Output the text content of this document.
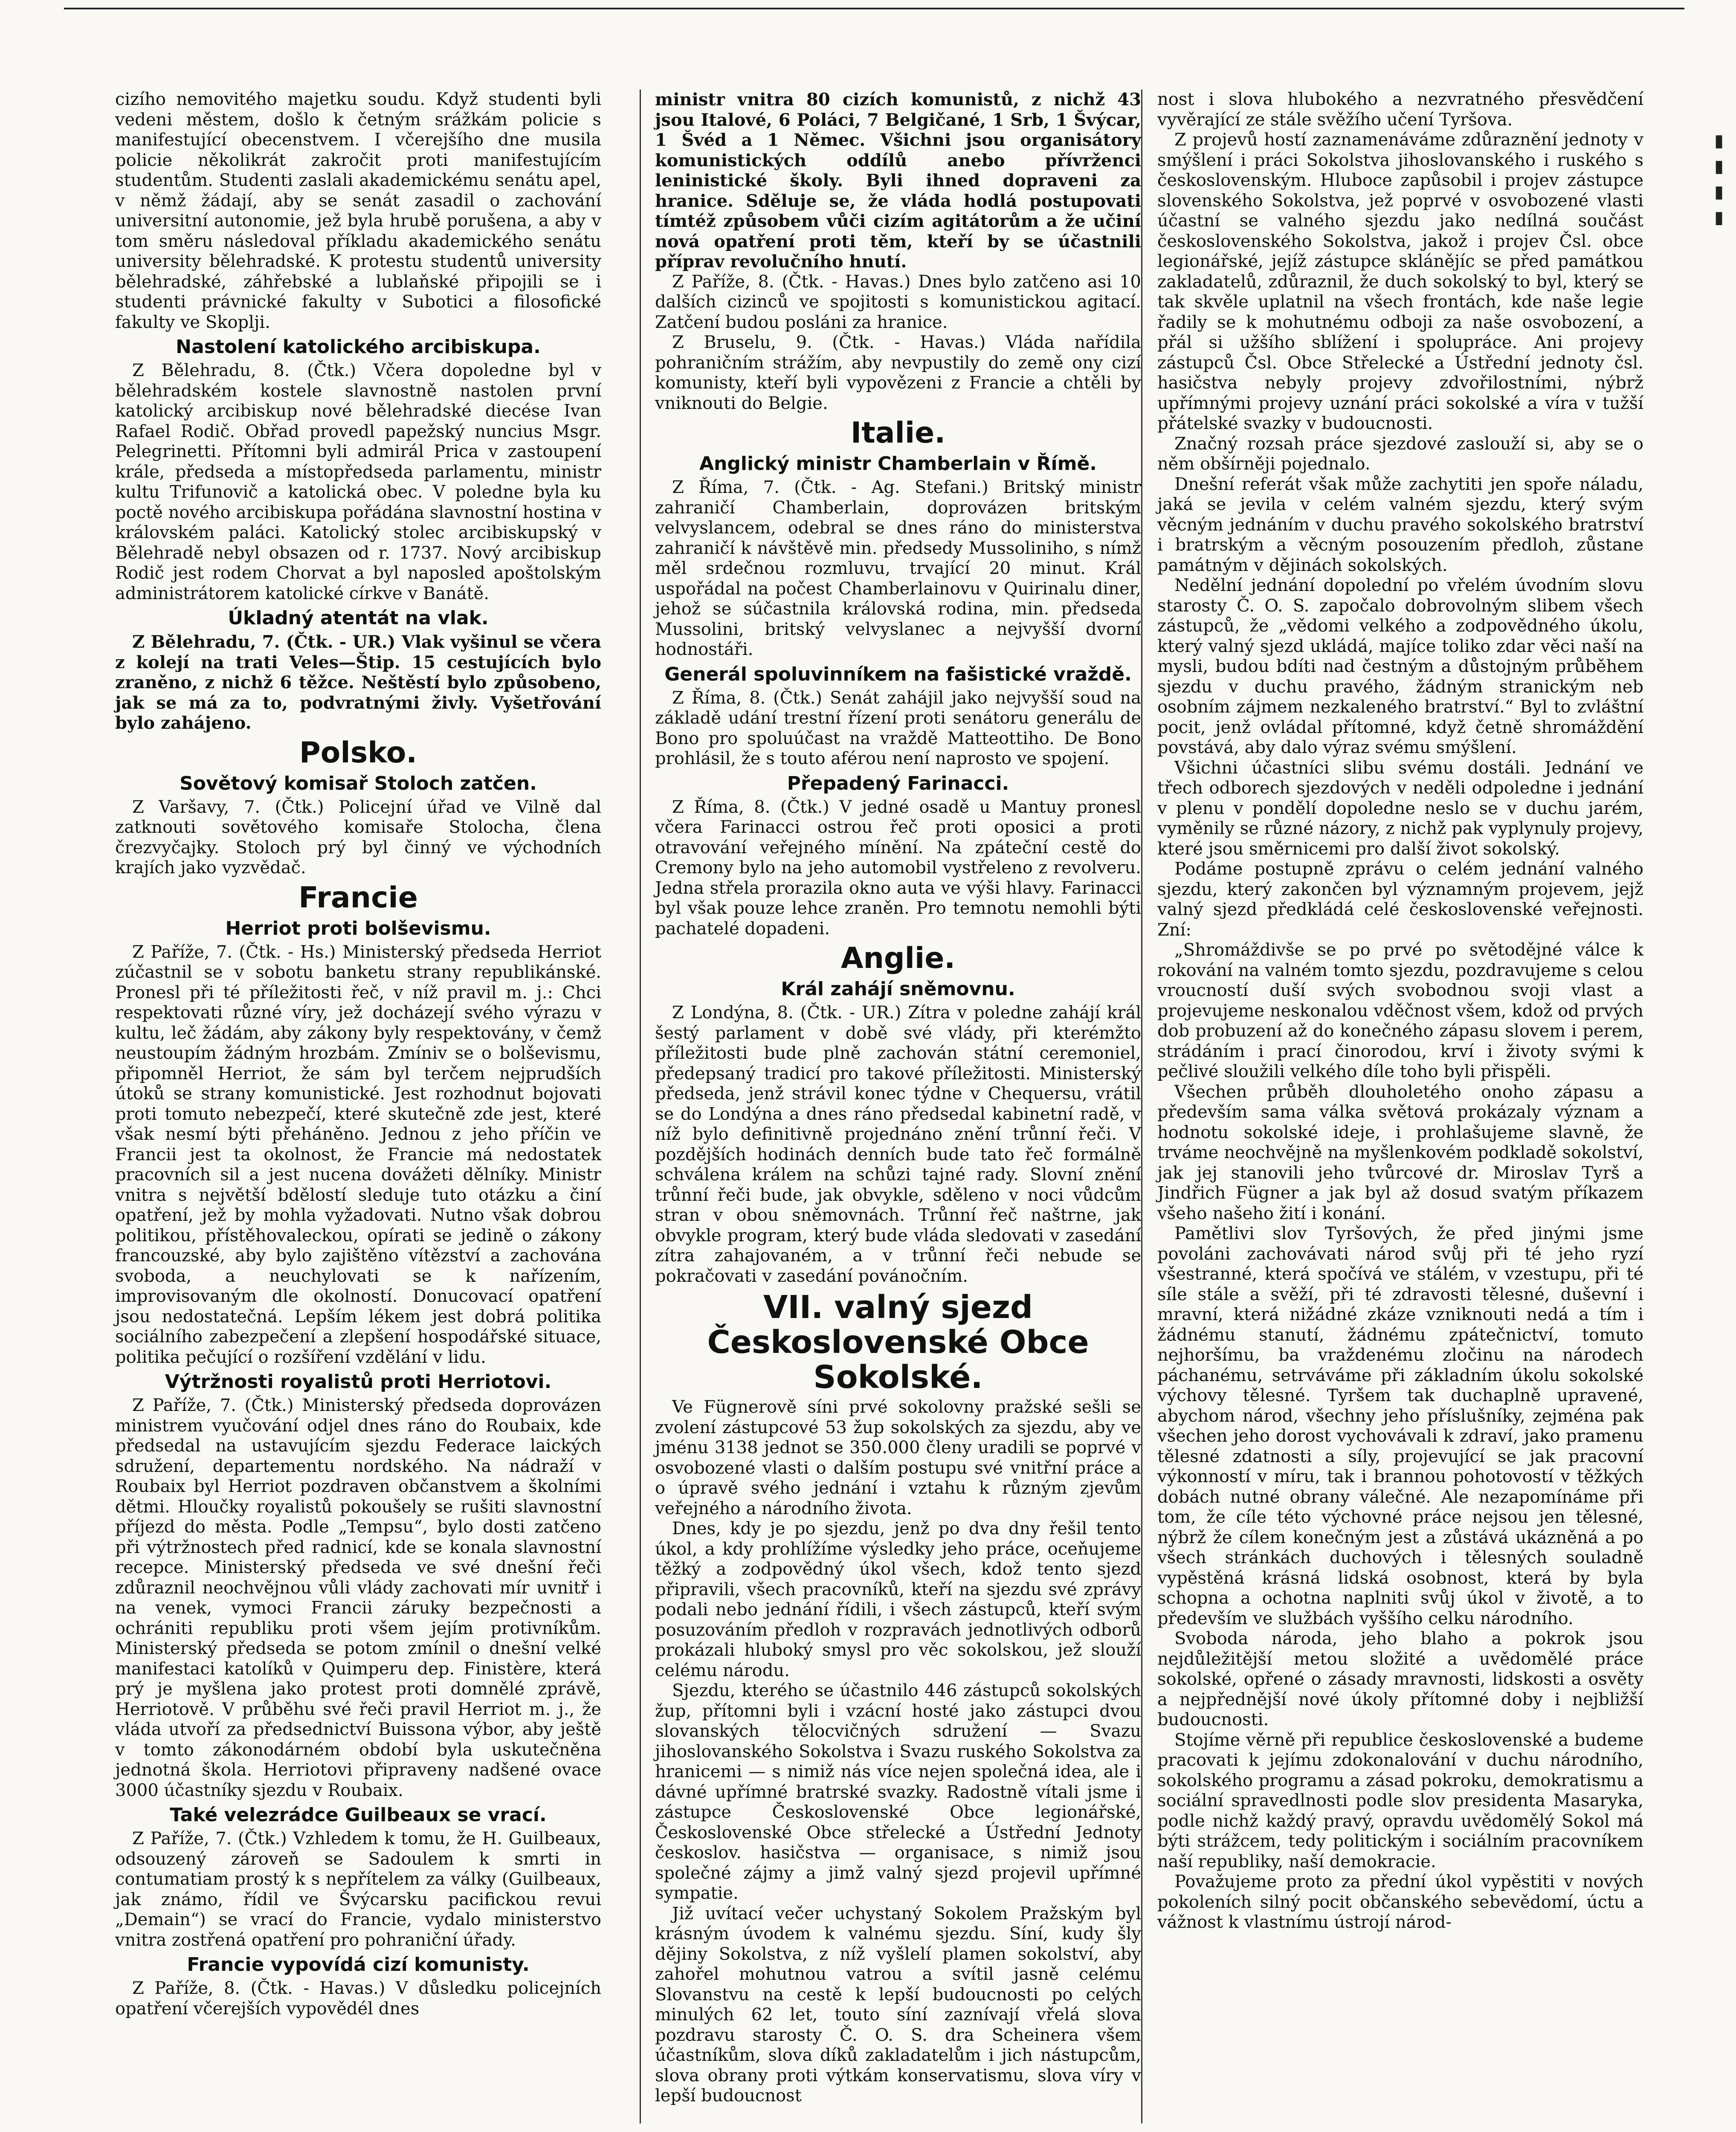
cizího nemovitého majetku soudu. Když studenti byli vedeni městem, došlo k četným srážkám policie s manifestující obecenstvem. I včerejšího dne musila policie několikrát zakročit proti manifestujícím studentům. Studenti zaslali akademickému senátu apel, v němž žádají, aby se senát zasadil o zachování universitní autonomie, jež byla hrubě porušena, a aby v tom směru následoval příkladu akademického senátu university bělehradské. K protestu studentů university bělehradské, záhřebské a lublaňské připojili se i studenti právnické fakulty v Subotici a filosofické fakulty ve Skoplji.

Nastolení katolického arcibiskupa.

Z Bělehradu, 8. (Čtk.) Včera dopoledne byl v bělehradském kostele slavnostně nastolen první katolický arcibiskup nové bělehradské diecése Ivan Rafael Rodič. Obřad provedl papežský nuncius Msgr. Pelegrinetti. Přítomni byli admirál Prica v zastoupení krále, předseda a místopředseda parlamentu, ministr kultu Trifunovič a katolická obec. V poledne byla ku poctě nového arcibiskupa pořádána slavnostní hostina v královském paláci. Katolický stolec arcibiskupský v Bělehradě nebyl obsazen od r. 1737. Nový arcibiskup Rodič jest rodem Chorvat a byl naposled apoštolským administrátorem katolické církve v Banátě.

Úkladný atentát na vlak.

Z Bělehradu, 7. (Čtk. - UR.) Vlak vyšinul se včera z kolejí na trati Veles—Štip. 15 cestujících bylo zraněno, z nichž 6 těžce. Neštěstí bylo způsobeno, jak se má za to, podvratnými živly. Vyšetřování bylo zahájeno.

Polsko.
Sovětový komisař Stoloch zatčen.

Z Varšavy, 7. (Čtk.) Policejní úřad ve Vilně dal zatknouti sovětového komisaře Stolocha, člena črezvyčajky. Stoloch prý byl činný ve východních krajích jako vyzvědač.

Francie
Herriot proti bolševismu.

Z Paříže, 7. (Čtk. - Hs.) Ministerský předseda Herriot zúčastnil se v sobotu banketu strany republikánské. Pronesl při té příležitosti řeč, v níž pravil m. j.: Chci respektovati různé víry, jež docházejí svého výrazu v kultu, leč žádám, aby zákony byly respektovány, v čemž neustoupím žádným hrozbám. Zmíniv se o bolševismu, připomněl Herriot, že sám byl terčem nejprudších útoků se strany komunistické. Jest rozhodnut bojovati proti tomuto nebezpečí, které skutečně zde jest, které však nesmí býti přeháněno. Jednou z jeho příčin ve Francii jest ta okolnost, že Francie má nedostatek pracovních sil a jest nucena dovážeti dělníky. Ministr vnitra s největší bdělostí sleduje tuto otázku a činí opatření, jež by mohla vyžadovati. Nutno však dobrou politikou, přístěhovaleckou, opírati se jedině o zákony francouzské, aby bylo zajištěno vítězství a zachována svoboda, a neuchylovati se k nařízením, improvisovaným dle okolností. Donucovací opatření jsou nedostatečná. Lepším lékem jest dobrá politika sociálního zabezpečení a zlepšení hospodářské situace, politika pečující o rozšíření vzdělání v lidu.

Výtržnosti royalistů proti Herriotovi.

Z Paříže, 7. (Čtk.) Ministerský předseda doprovázen ministrem vyučování odjel dnes ráno do Roubaix, kde předsedal na ustavujícím sjezdu Federace laických sdružení, departementu nordského. Na nádraží v Roubaix byl Herriot pozdraven občanstvem a školními dětmi. Hloučky royalistů pokoušely se rušiti slavnostní příjezd do města. Podle „Tempsu“, bylo dosti zatčeno při výtržnostech před radnicí, kde se konala slavnostní recepce. Ministerský předseda ve své dnešní řeči zdůraznil neochvějnou vůli vlády zachovati mír uvnitř i na venek, vymoci Francii záruky bezpečnosti a ochrániti republiku proti všem jejím protivníkům. Ministerský předseda se potom zmínil o dnešní velké manifestaci katolíků v Quimperu dep. Finistère, která prý je myšlena jako protest proti domnělé zprávě, Herriotově. V průběhu své řeči pravil Herriot m. j., že vláda utvoří za předsednictví Buissona výbor, aby ještě v tomto zákonodárném období byla uskutečněna jednotná škola. Herriotovi připraveny nadšené ovace 3000 účastníky sjezdu v Roubaix.

Také velezrádce Guilbeaux se vrací.

Z Paříže, 7. (Čtk.) Vzhledem k tomu, že H. Guilbeaux, odsouzený zároveň se Sadoulem k smrti in contumatiam prostý k s nepřítelem za války (Guilbeaux, jak známo, řídil ve Švýcarsku pacifickou revui „Demain“) se vrací do Francie, vydalo ministerstvo vnitra zostřená opatření pro pohraniční úřady.

Francie vypovídá cizí komunisty.

Z Paříže, 8. (Čtk. - Havas.) V důsledku policejních opatření včerejších vypovědél dnes

ministr vnitra 80 cizích komunistů, z nichž 43 jsou Italové, 6 Poláci, 7 Belgičané, 1 Srb, 1 Švýcar, 1 Švéd a 1 Němec. Všichni jsou organisátory komunistických oddílů anebo přívrženci leninistické školy. Byli ihned dopraveni za hranice. Sděluje se, že vláda hodlá postupovati tímtéž způsobem vůči cizím agitátorům a že učiní nová opatření proti těm, kteří by se účastnili příprav revolučního hnutí.

Z Paříže, 8. (Čtk. - Havas.) Dnes bylo zatčeno asi 10 dalších cizinců ve spojitosti s komunistickou agitací. Zatčení budou posláni za hranice.

Z Bruselu, 9. (Čtk. - Havas.) Vláda nařídila pohraničním strážím, aby nevpustily do země ony cizí komunisty, kteří byli vypovězeni z Francie a chtěli by vniknouti do Belgie.

Italie.
Anglický ministr Chamberlain v Římě.

Z Říma, 7. (Čtk. - Ag. Stefani.) Britský ministr zahraničí Chamberlain, doprovázen britským velvyslancem, odebral se dnes ráno do ministerstva zahraničí k návštěvě min. předsedy Mussoliniho, s nímž měl srdečnou rozmluvu, trvající 20 minut. Král uspořádal na počest Chamberlainovu v Quirinalu diner, jehož se súčastnila královská rodina, min. předseda Mussolini, britský velvyslanec a nejvyšší dvorní hodnostáři.

Generál spoluvinníkem na fašistické vraždě.

Z Říma, 8. (Čtk.) Senát zahájil jako nejvyšší soud na základě udání trestní řízení proti senátoru generálu de Bono pro spoluúčast na vraždě Matteottiho. De Bono prohlásil, že s touto aférou není naprosto ve spojení.

Přepadený Farinacci.

Z Říma, 8. (Čtk.) V jedné osadě u Mantuy pronesl včera Farinacci ostrou řeč proti oposici a proti otravování veřejného mínění. Na zpáteční cestě do Cremony bylo na jeho automobil vystřeleno z revolveru. Jedna střela prorazila okno auta ve výši hlavy. Farinacci byl však pouze lehce zraněn. Pro temnotu nemohli býti pachatelé dopadeni.

Anglie.
Král zahájí sněmovnu.

Z Londýna, 8. (Čtk. - UR.) Zítra v poledne zahájí král šestý parlament v době své vlády, při kterémžto příležitosti bude plně zachován státní ceremoniel, předepsaný tradicí pro takové příležitosti. Ministerský předseda, jenž strávil konec týdne v Chequersu, vrátil se do Londýna a dnes ráno předsedal kabinetní radě, v níž bylo definitivně projednáno znění trůnní řeči. V pozdějších hodinách denních bude tato řeč formálně schválena králem na schůzi tajné rady. Slovní znění trůnní řeči bude, jak obvykle, sděleno v noci vůdcům stran v obou sněmovnách. Trůnní řeč naštrne, jak obvykle program, který bude vláda sledovati v zasedání zítra zahajovaném, a v trůnní řeči nebude se pokračovati v zasedání povánočním.

VII. valný sjezd Československé Obce Sokolské.

Ve Fügnerově síni prvé sokolovny pražské sešli se zvolení zástupcové 53 žup sokolských za sjezdu, aby ve jménu 3138 jednot se 350.000 členy uradili se poprvé v osvobozené vlasti o dalším postupu své vnitřní práce a o úpravě svého jednání i vztahu k různým zjevům veřejného a národního života.

Dnes, kdy je po sjezdu, jenž po dva dny řešil tento úkol, a kdy prohlížíme výsledky jeho práce, oceňujeme těžký a zodpovědný úkol všech, kdož tento sjezd připravili, všech pracovníků, kteří na sjezdu své zprávy podali nebo jednání řídili, i všech zástupců, kteří svým posuzováním předloh v rozpravách jednotlivých odborů prokázali hluboký smysl pro věc sokolskou, jež slouží celému národu.

Sjezdu, kterého se účastnilo 446 zástupců sokolských žup, přítomni byli i vzácní hosté jako zástupci dvou slovanských tělocvičných sdružení — Svazu jihoslovanského Sokolstva i Svazu ruského Sokolstva za hranicemi — s nimiž nás více nejen společná idea, ale i dávné upřímné bratrské svazky. Radostně vítali jsme i zástupce Československé Obce legionářské, Československé Obce střelecké a Ústřední Jednoty českoslov. hasičstva — organisace, s nimiž jsou společné zájmy a jimž valný sjezd projevil upřímné sympatie.

Již uvítací večer uchystaný Sokolem Pražským byl krásným úvodem k valnému sjezdu. Síní, kudy šly dějiny Sokolstva, z níž vyšlelí plamen sokolství, aby zahořel mohutnou vatrou a svítil jasně celému Slovanstvu na cestě k lepší budoucnosti po celých minulých 62 let, touto síní zaznívají vřelá slova pozdravu starosty Č. O. S. dra Scheinera všem účastníkům, slova díků zakladatelům i jich nástupcům, slova obrany proti výtkám konservatismu, slova víry v lepší budoucnost

nost i slova hlubokého a nezvratného přesvědčení vyvěrající ze stále svěžího učení Tyršova.

Z projevů hostí zaznamenáváme zdůraznění jednoty v smýšlení i práci Sokolstva jihoslovanského i ruského s československým. Hluboce zapůsobil i projev zástupce slovenského Sokolstva, jež poprvé v osvobozené vlasti účastní se valného sjezdu jako nedílná součást československého Sokolstva, jakož i projev Čsl. obce legionářské, jejíž zástupce sklánějíc se před památkou zakladatelů, zdůraznil, že duch sokolský to byl, který se tak skvěle uplatnil na všech frontách, kde naše legie řadily se k mohutnému odboji za naše osvobození, a přál si užšího sblížení i spolupráce. Ani projevy zástupců Čsl. Obce Střelecké a Ústřední jednoty čsl. hasičstva nebyly projevy zdvořilostními, nýbrž upřímnými projevy uznání práci sokolské a víra v tužší přátelské svazky v budoucnosti.

Značný rozsah práce sjezdové zaslouží si, aby se o něm obšírněji pojednalo.

Dnešní referát však může zachytiti jen spoře náladu, jaká se jevila v celém valném sjezdu, který svým věcným jednáním v duchu pravého sokolského bratrství i bratrským a věcným posouzením předloh, zůstane památným v dějinách sokolských.

Nedělní jednání dopolední po vřelém úvodním slovu starosty Č. O. S. započalo dobrovolným slibem všech zástupců, že „vědomi velkého a zodpovědného úkolu, který valný sjezd ukládá, majíce toliko zdar věci naší na mysli, budou bdíti nad čestným a důstojným průběhem sjezdu v duchu pravého, žádným stranickým neb osobním zájmem nezkaleného bratrství.“ Byl to zvláštní pocit, jenž ovládal přítomné, když četně shromáždění povstává, aby dalo výraz svému smýšlení.

Všichni účastníci slibu svému dostáli. Jednání ve třech odborech sjezdových v neděli odpoledne i jednání v plenu v pondělí dopoledne neslo se v duchu jarém, vyměnily se různé názory, z nichž pak vyplynuly projevy, které jsou směrnicemi pro další život sokolský.

Podáme postupně zprávu o celém jednání valného sjezdu, který zakončen byl významným projevem, jejž valný sjezd předkládá celé československé veřejnosti. Zní:

„Shromáždivše se po prvé po světodějné válce k rokování na valném tomto sjezdu, pozdravujeme s celou vroucností duší svých svobodnou svoji vlast a projevujeme neskonalou vděčnost všem, kdož od prvých dob probuzení až do konečného zápasu slovem i perem, strádáním i prací činorodou, krví i životy svými k pečlivé sloužili velkého díle toho byli přispěli.

Všechen průběh dlouholetého onoho zápasu a především sama válka světová prokázaly význam a hodnotu sokolské ideje, i prohlašujeme slavně, že trváme neochvějně na myšlenkovém podkladě sokolství, jak jej stanovili jeho tvůrcové dr. Miroslav Tyrš a Jindřich Fügner a jak byl až dosud svatým příkazem všeho našeho žití i konání.

Pamětlivi slov Tyršových, že před jinými jsme povoláni zachovávati národ svůj při té jeho ryzí všestranné, která spočívá ve stálém, v vzestupu, při té síle stále a svěží, při té zdravosti tělesné, duševní i mravní, která nižádné zkáze vzniknouti nedá a tím i žádnému stanutí, žádnému zpátečnictví, tomuto nejhoršímu, ba vraždenému zločinu na národech páchanému, setrváváme při základním úkolu sokolské výchovy tělesné. Tyršem tak duchaplně upravené, abychom národ, všechny jeho příslušníky, zejména pak všechen jeho dorost vychovávali k zdraví, jako pramenu tělesné zdatnosti a síly, projevující se jak pracovní výkonností v míru, tak i brannou pohotovostí v těžkých dobách nutné obrany válečné. Ale nezapomínáme při tom, že cíle této výchovné práce nejsou jen tělesné, nýbrž že cílem konečným jest a zůstává ukázněná a po všech stránkách duchových i tělesných souladně vypěstěná krásná lidská osobnost, která by byla schopna a ochotna naplniti svůj úkol v životě, a to především ve službách vyššího celku národního.

Svoboda národa, jeho blaho a pokrok jsou nejdůležitější metou složité a uvědomělé práce sokolské, opřené o zásady mravnosti, lidskosti a osvěty a nejpřednější nové úkoly přítomné doby i nejbližší budoucnosti.

Stojíme věrně při republice československé a budeme pracovati k jejímu zdokonalování v duchu národního, sokolského programu a zásad pokroku, demokratismu a sociální spravedlnosti podle slov presidenta Masaryka, podle nichž každý pravý, opravdu uvědomělý Sokol má býti strážcem, tedy politickým i sociálním pracovníkem naší republiky, naší demokracie.

Považujeme proto za přední úkol vypěstiti v nových pokoleních silný pocit občanského sebevědomí, úctu a vážnost k vlastnímu ústrojí národ-

▮
▮
▮
▮
